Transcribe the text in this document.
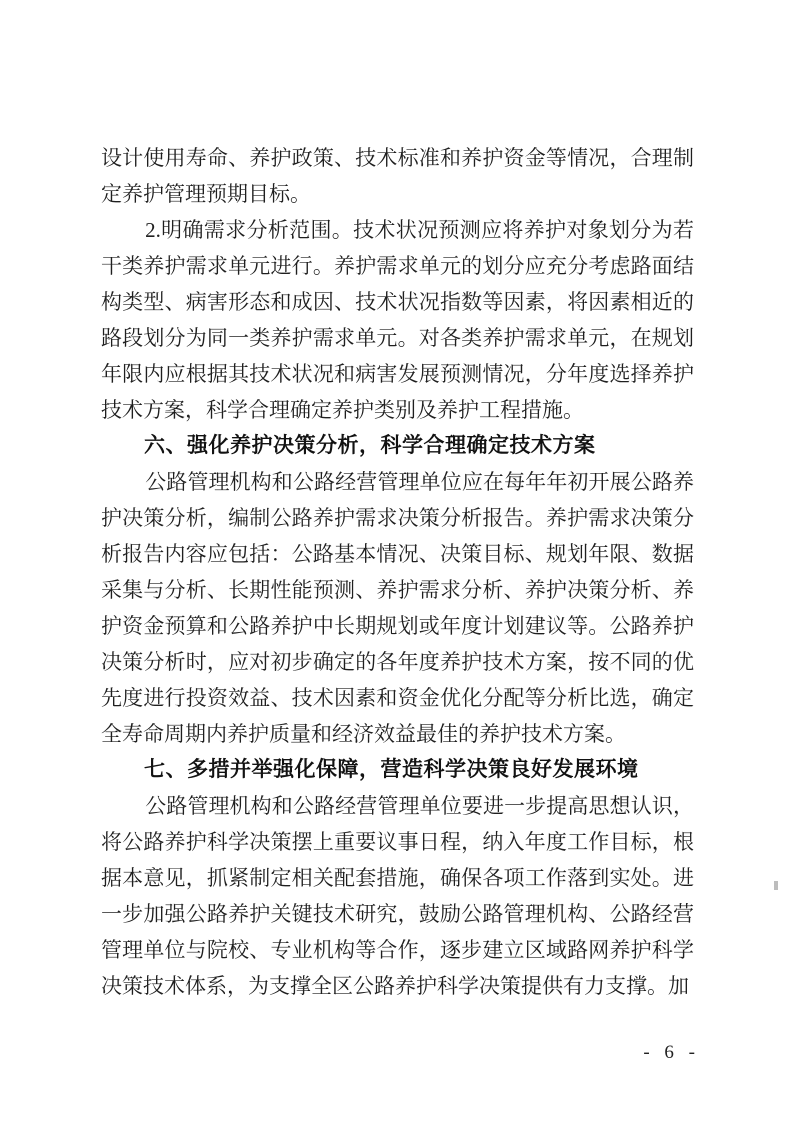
设计使用寿命、养护政策、技术标准和养护资金等情况，合理制定养护管理预期目标。

2.明确需求分析范围。技术状况预测应将养护对象划分为若干类养护需求单元进行。养护需求单元的划分应充分考虑路面结构类型、病害形态和成因、技术状况指数等因素，将因素相近的路段划分为同一类养护需求单元。对各类养护需求单元，在规划年限内应根据其技术状况和病害发展预测情况，分年度选择养护技术方案，科学合理确定养护类别及养护工程措施。

六、强化养护决策分析，科学合理确定技术方案

公路管理机构和公路经营管理单位应在每年年初开展公路养护决策分析，编制公路养护需求决策分析报告。养护需求决策分析报告内容应包括：公路基本情况、决策目标、规划年限、数据采集与分析、长期性能预测、养护需求分析、养护决策分析、养护资金预算和公路养护中长期规划或年度计划建议等。公路养护决策分析时，应对初步确定的各年度养护技术方案，按不同的优先度进行投资效益、技术因素和资金优化分配等分析比选，确定全寿命周期内养护质量和经济效益最佳的养护技术方案。

七、多措并举强化保障，营造科学决策良好发展环境

公路管理机构和公路经营管理单位要进一步提高思想认识，将公路养护科学决策摆上重要议事日程，纳入年度工作目标，根据本意见，抓紧制定相关配套措施，确保各项工作落到实处。进一步加强公路养护关键技术研究，鼓励公路管理机构、公路经营管理单位与院校、专业机构等合作，逐步建立区域路网养护科学决策技术体系，为支撑全区公路养护科学决策提供有力支撑。加

- 6 -
